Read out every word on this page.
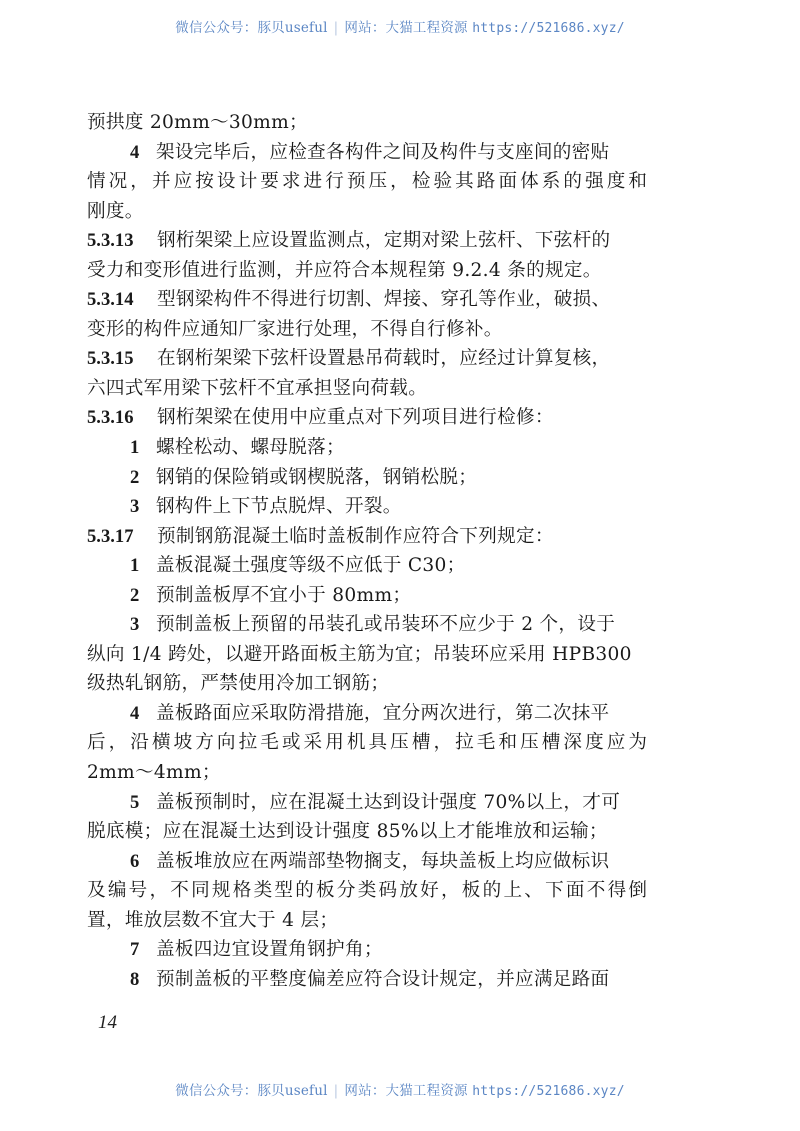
微信公众号：豚贝useful | 网站：大猫工程资源 https://521686.xyz/
预拱度 20mm～30mm；
4 架设完毕后，应检查各构件之间及构件与支座间的密贴
情况，并应按设计要求进行预压，检验其路面体系的强度和
刚度。
5.3.13 钢桁架梁上应设置监测点，定期对梁上弦杆、下弦杆的
受力和变形值进行监测，并应符合本规程第 9.2.4 条的规定。
5.3.14 型钢梁构件不得进行切割、焊接、穿孔等作业，破损、
变形的构件应通知厂家进行处理，不得自行修补。
5.3.15 在钢桁架梁下弦杆设置悬吊荷载时，应经过计算复核，
六四式军用梁下弦杆不宜承担竖向荷载。
5.3.16 钢桁架梁在使用中应重点对下列项目进行检修：
1 螺栓松动、螺母脱落；
2 钢销的保险销或钢楔脱落，钢销松脱；
3 钢构件上下节点脱焊、开裂。
5.3.17 预制钢筋混凝土临时盖板制作应符合下列规定：
1 盖板混凝土强度等级不应低于 C30；
2 预制盖板厚不宜小于 80mm；
3 预制盖板上预留的吊装孔或吊装环不应少于 2 个，设于
纵向 1/4 跨处，以避开路面板主筋为宜；吊装环应采用 HPB300
级热轧钢筋，严禁使用冷加工钢筋；
4 盖板路面应采取防滑措施，宜分两次进行，第二次抹平
后，沿横坡方向拉毛或采用机具压槽，拉毛和压槽深度应为
2mm～4mm；
5 盖板预制时，应在混凝土达到设计强度 70%以上，才可
脱底模；应在混凝土达到设计强度 85%以上才能堆放和运输；
6 盖板堆放应在两端部垫物搁支，每块盖板上均应做标识
及编号，不同规格类型的板分类码放好，板的上、下面不得倒
置，堆放层数不宜大于 4 层；
7 盖板四边宜设置角钢护角；
8 预制盖板的平整度偏差应符合设计规定，并应满足路面
14
微信公众号：豚贝useful | 网站：大猫工程资源 https://521686.xyz/
